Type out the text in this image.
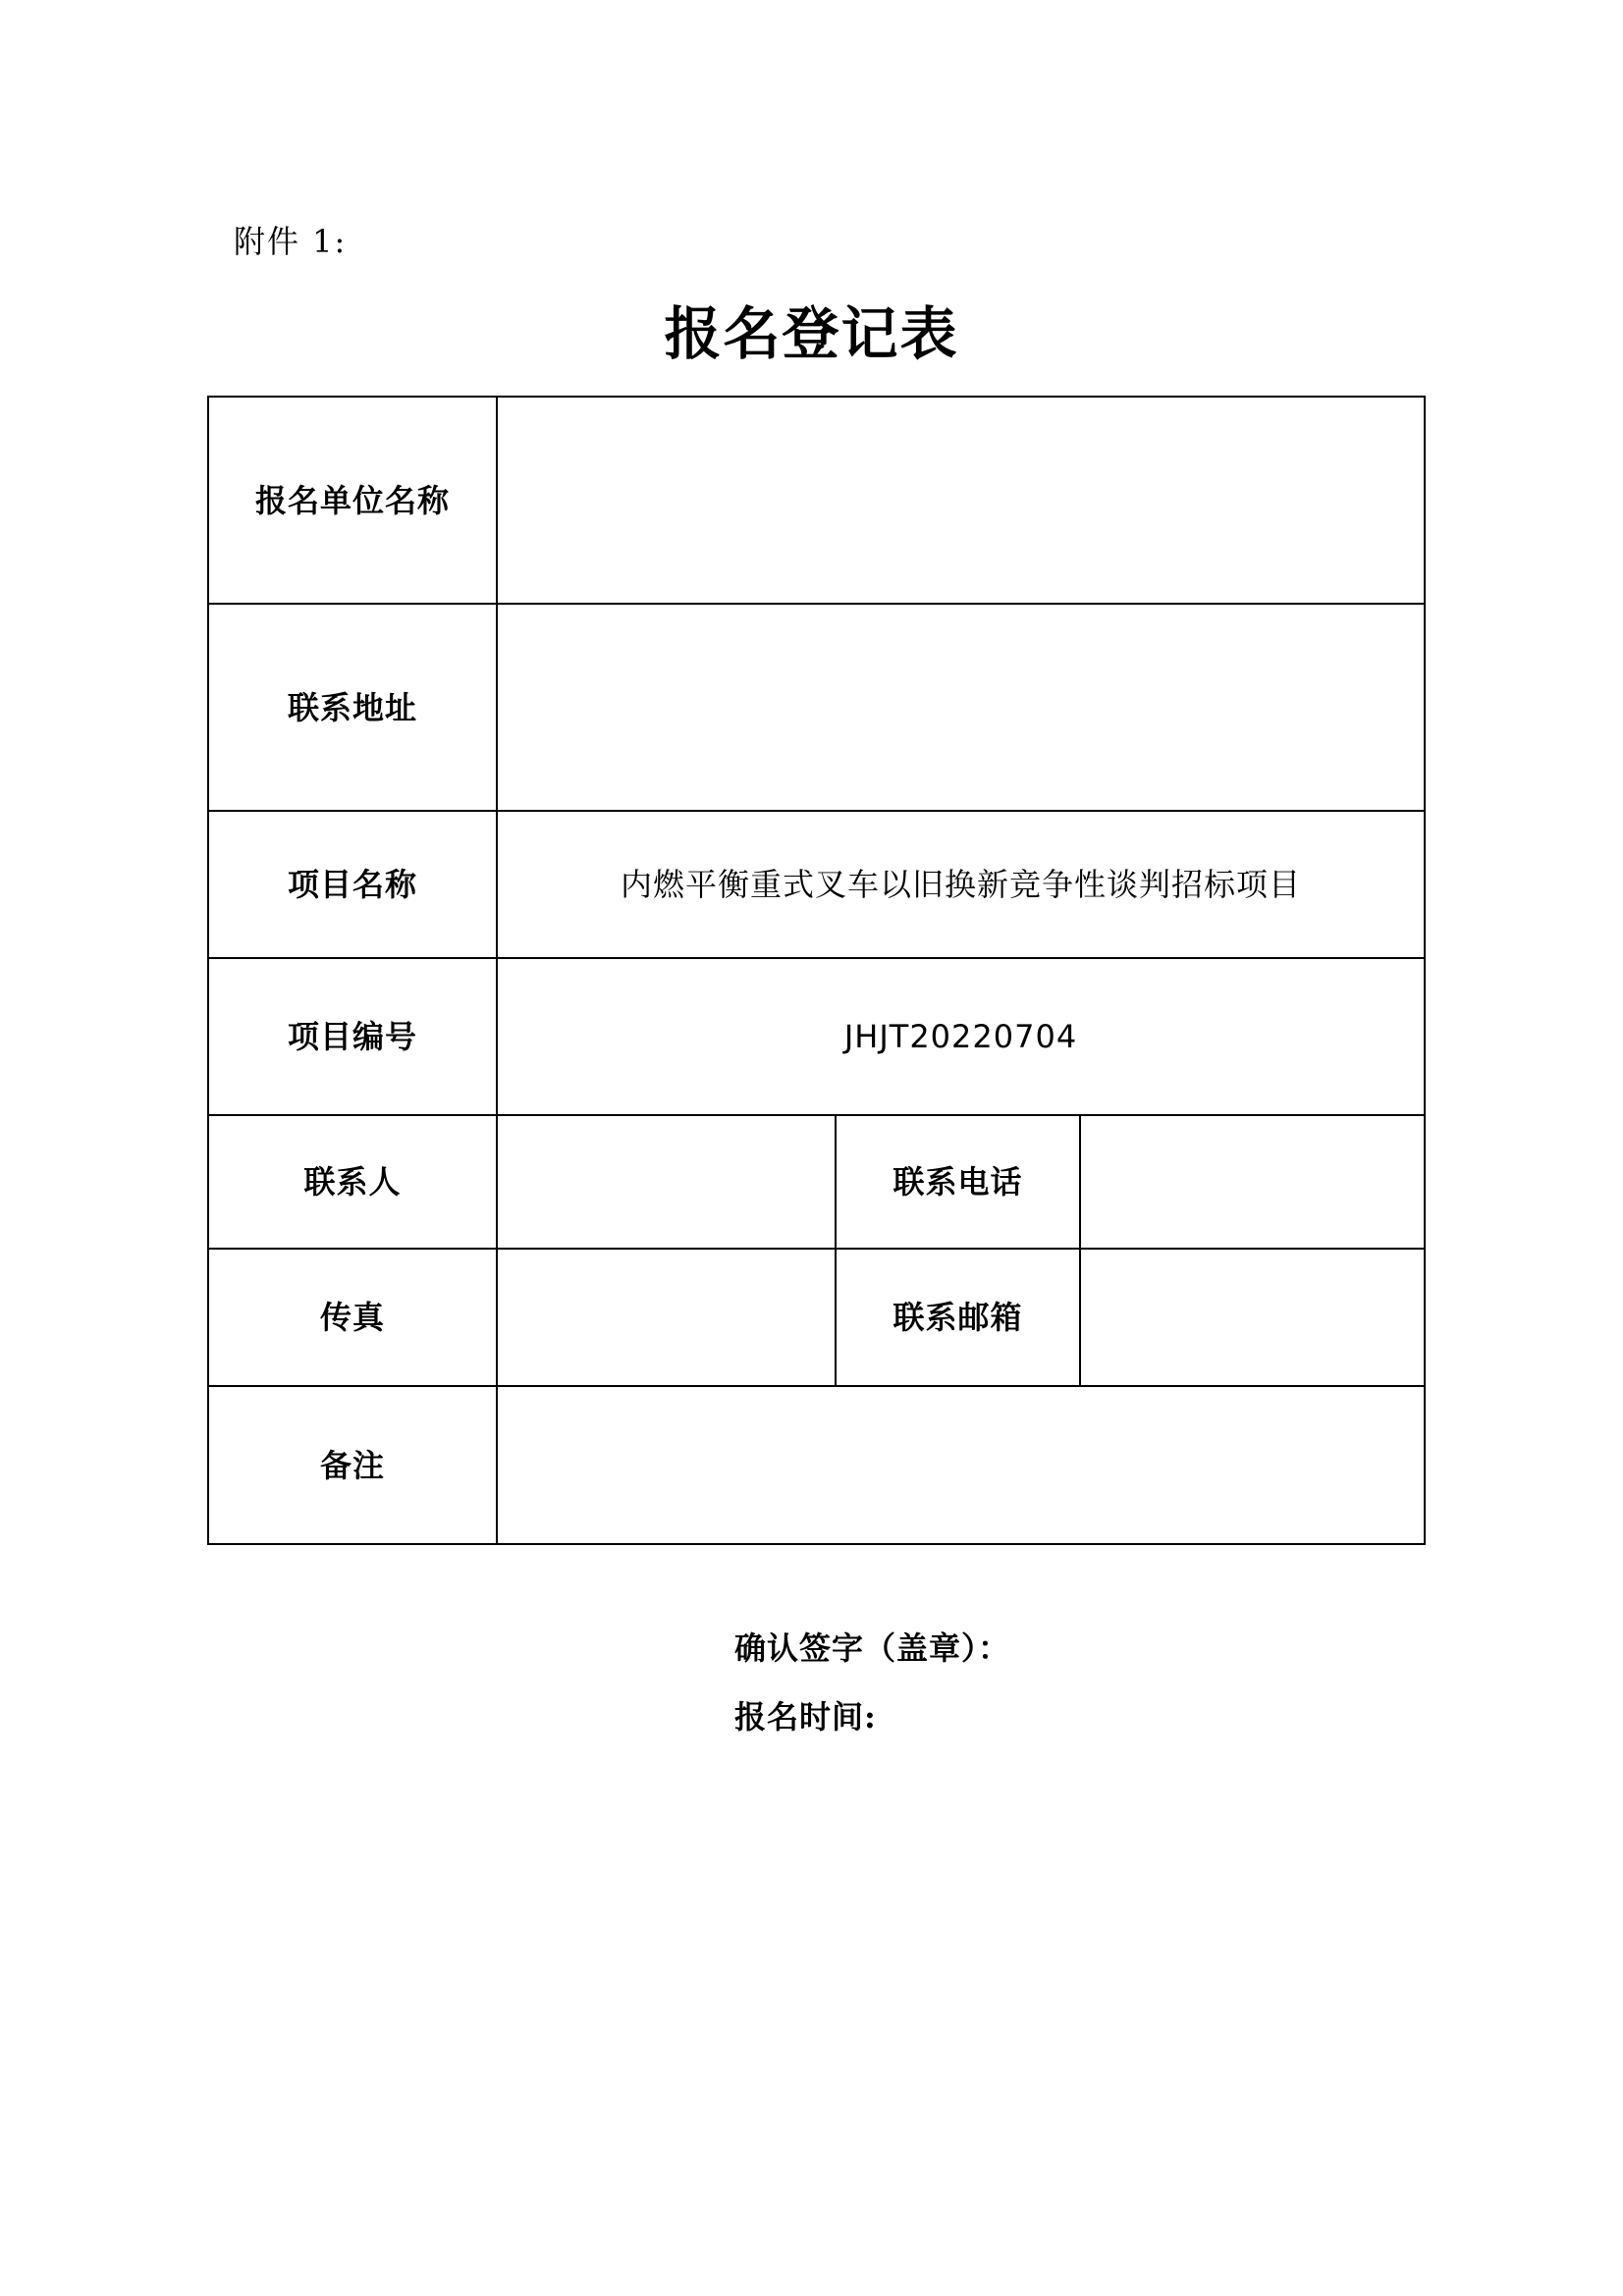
附件 1:
报名登记表
报名单位名称			
联系地址			
项目名称	内燃平衡重式叉车以旧换新竞争性谈判招标项目		
项目编号	JHJT20220704		
联系人		联系电话	
传真		联系邮箱	
备注			
确认签字（盖章）：
报名时间:
